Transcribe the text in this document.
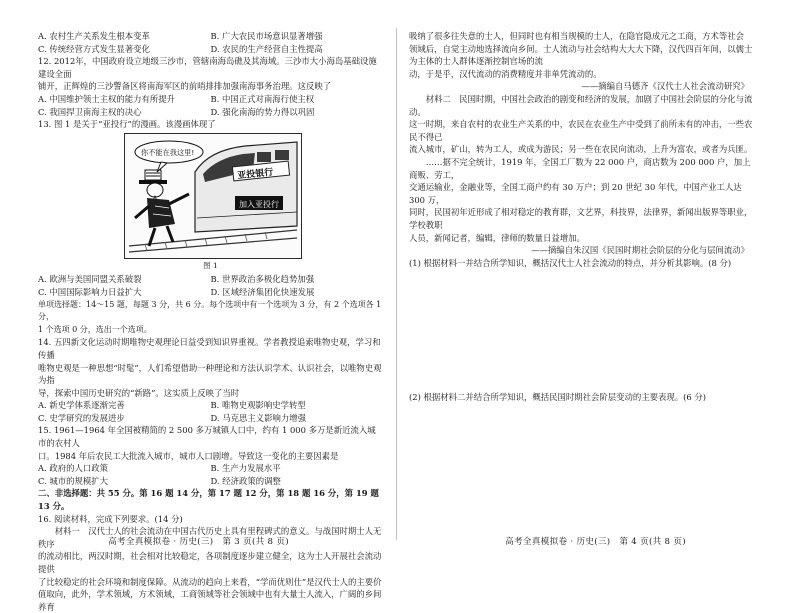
A. 农村生产关系发生根本变革	B. 广大农民市场意识显著增强
C. 传统经营方式发生显著变化	D. 农民的生产经营自主性提高

12. 2012年，中国政府设立地级三沙市，管辖南海岛礁及其海域。三沙市大小海岛基础设施建设全面

铺开，正辉煌的三沙警备区将南海军区的前哨排排加强南海事务治理。这反映了

A. 中国维护领土主权的能力有所提升	B. 中国正式对南海行使主权
C. 我国捍卫南海主权的决心	D. 强化南海的势力得以巩固

13. 图 1 是关于“亚投行”的漫画。该漫画体现了

亚投银行
加入亚投行
你不能在我这里!

图 1

A. 欧洲与美国同盟关系破裂	B. 世界政治多极化趋势加强
C. 中国国际影响力日益扩大	D. 区域经济集团化快速发展

单项选择题：14～15 题，每题 3 分，共 6 分。每个选项中有一个选项为 3 分，有 2 个选项各 1 分，

1 个选项 0 分，选出一个选项。

14. 五四新文化运动时期唯物史观理论日益受到知识界重视。学者教授追索唯物史观，学习和传播

唯物史观是一种思想“时髦”，人们希望借助一种理论和方法认识学术、认识社会，以唯物史观为指

导，探索中国历史研究的“新路”。这实质上反映了当时

A. 新史学体系逐渐完善	B. 唯物史观影响史学转型
C. 史学研究的发展进步	D. 马克思主义影响力增强

15. 1961—1964 年全国被精简的 2 500 多万城镇人口中，约有 1 000 多万是新近流入城市的农村人

口。1984 年后农民工大批流入城市，城市人口剧增。导致这一变化的主要因素是

A. 政府的人口政策	B. 生产力发展水平
C. 城市的规模扩大	D. 经济政策的调整

二、非选择题：共 55 分。第 16 题 14 分，第 17 题 12 分，第 18 题 16 分，第 19 题 13 分。

16. 阅读材料，完成下列要求。(14 分)

材料一　汉代士人的社会流动在中国古代历史上具有里程碑式的意义。与战国时期士人无秩序

的流动相比，两汉时期，社会相对比较稳定，各项制度逐步建立健全，这为士人开展社会流动提供

了比较稳定的社会环境和制度保障。从流动的趋向上来看，“学而优则仕”是汉代士人的主要价

值取向，此外，学术领域，方术领域，工商领域等社会领域中也有大量士人流入，广阔的乡间养育

高考全真模拟卷 · 历史(三)　第 3 页(共 8 页)

吸纳了很多往失意的士人，但同时也有相当规模的士人，在隐官隐成元之工商，方术等社会

领域后，自觉主动地选择流向乡间。士人流动与社会结构大大大下降，汉代四百年间，以儒士为主体的士人群体逐渐控制官场的流

动，于是乎，汉代流动的消费精度并非单凭流动的。

——摘编自马德齐《汉代士人社会流动研究》

材料二　民国时期，中国社会政治的剧变和经济的发展，加剧了中国社会阶层的分化与流动。

这一时期，来自农村的农业生产关系的中，农民在农业生产中受到了前所未有的冲击，一些农民不得已

流入城市，矿山，转为工人，或成为游民；另一些在农民向流动，上升为富农，或者为兵匪。

……据不完全统计，1919 年，全国工厂数为 22 000 户，商店数为 200 000 户，加上商贩、劳工，

交通运输业，金融业等，全国工商户约有 30 万户；到 20 世纪 30 年代，中国产业工人达 300 万，

同时，民国初年近形成了相对稳定的教育群，文艺界，科技界，法律界，新闻出版界等职业，学校教职

人员，新闻记者，编辑，律师的数量日益增加。

——摘编自朱汉国《民国时期社会阶层的分化与层间流动》

(1) 根据材料一并结合所学知识，概括汉代士人社会流动的特点，并分析其影响。(8 分)

(2) 根据材料二并结合所学知识，概括民国时期社会阶层变动的主要表现。(6 分)

高考全真模拟卷 · 历史(三)　第 4 页(共 8 页)
